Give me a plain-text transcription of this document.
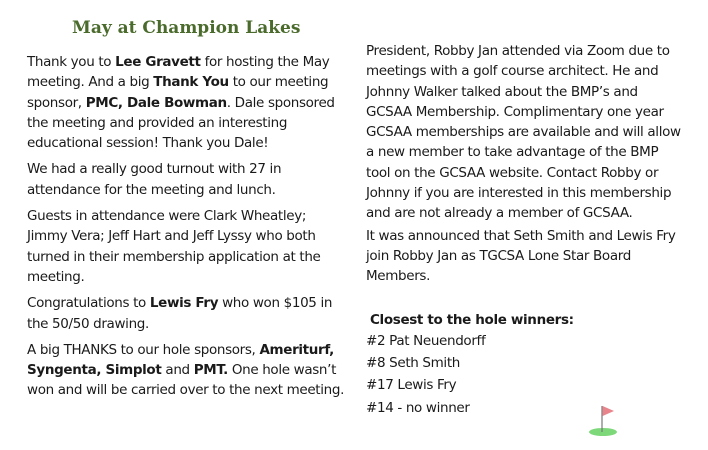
May at Champion Lakes

Thank you to Lee Gravett for hosting the May meeting. And a big Thank You to our meeting sponsor, PMC, Dale Bowman. Dale sponsored the meeting and provided an interesting educational session! Thank you Dale!

We had a really good turnout with 27 in attendance for the meeting and lunch.

Guests in attendance were Clark Wheatley; Jimmy Vera; Jeff Hart and Jeff Lyssy who both turned in their membership application at the meeting.

Congratulations to Lewis Fry who won $105 in the 50/50 drawing.

A big THANKS to our hole sponsors, Ameriturf, Syngenta, Simplot and PMT. One hole wasn’t won and will be carried over to the next meeting.

President, Robby Jan attended via Zoom due to meetings with a golf course architect. He and Johnny Walker talked about the BMP’s and GCSAA Membership. Complimentary one year GCSAA memberships are available and will allow a new member to take advantage of the BMP tool on the GCSAA website. Contact Robby or Johnny if you are interested in this membership and are not already a member of GCSAA.

It was announced that Seth Smith and Lewis Fry join Robby Jan as TGCSA Lone Star Board Members.

Closest to the hole winners:

#2 Pat Neuendorff

#8 Seth Smith

#17 Lewis Fry

#14 - no winner
